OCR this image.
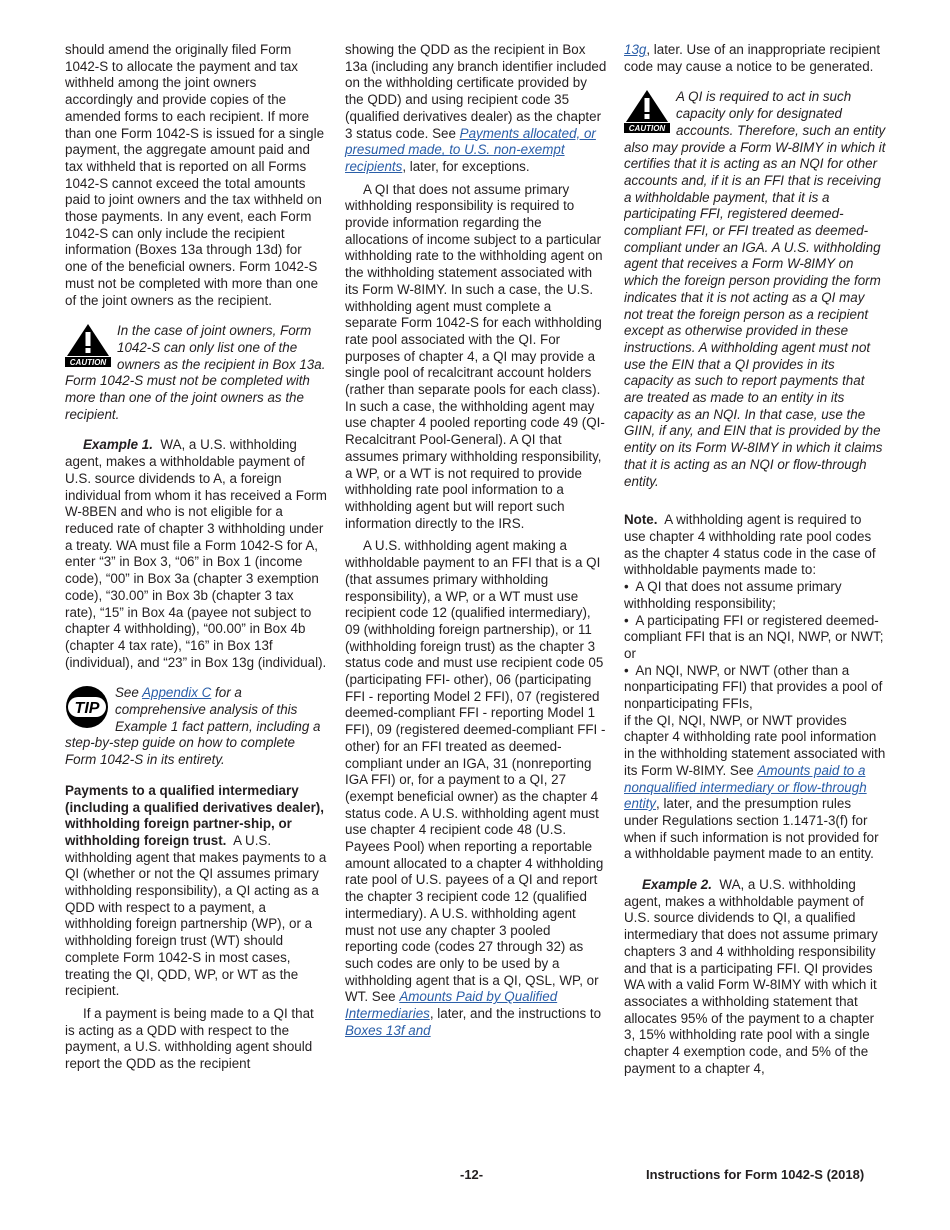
should amend the originally filed Form 1042-S to allocate the payment and tax withheld among the joint owners accordingly and provide copies of the amended forms to each recipient. If more than one Form 1042-S is issued for a single payment, the aggregate amount paid and tax withheld that is reported on all Forms 1042-S cannot exceed the total amounts paid to joint owners and the tax withheld on those payments. In any event, each Form 1042-S can only include the recipient information (Boxes 13a through 13d) for one of the beneficial owners. Form 1042-S must not be completed with more than one of the joint owners as the recipient.

CAUTION
In the case of joint owners, Form 1042-S can only list one of the owners as the recipient in Box 13a. Form 1042-S must not be completed with more than one of the joint owners as the recipient.

Example 1. WA, a U.S. withholding agent, makes a withholdable payment of U.S. source dividends to A, a foreign individual from whom it has received a Form W-8BEN and who is not eligible for a reduced rate of chapter 3 withholding under a treaty. WA must file a Form 1042-S for A, enter “3” in Box 3, “06” in Box 1 (income code), “00” in Box 3a (chapter 3 exemption code), “30.00” in Box 3b (chapter 3 tax rate), “15” in Box 4a (payee not subject to chapter 4 withholding), “00.00” in Box 4b (chapter 4 tax rate), “16” in Box 13f (individual), and “23” in Box 13g (individual).

TIP
See Appendix C for a comprehensive analysis of this Example 1 fact pattern, including a step-by-step guide on how to complete Form 1042-S in its entirety.

Payments to a qualified intermediary (including a qualified derivatives dealer), withholding foreign partner-ship, or withholding foreign trust. A U.S. withholding agent that makes payments to a QI (whether or not the QI assumes primary withholding responsibility), a QI acting as a QDD with respect to a payment, a withholding foreign partnership (WP), or a withholding foreign trust (WT) should complete Form 1042-S in most cases, treating the QI, QDD, WP, or WT as the recipient.

If a payment is being made to a QI that is acting as a QDD with respect to the payment, a U.S. withholding agent should report the QDD as the recipient

showing the QDD as the recipient in Box 13a (including any branch identifier included on the withholding certificate provided by the QDD) and using recipient code 35 (qualified derivatives dealer) as the chapter 3 status code. See Payments allocated, or presumed made, to U.S. non-exempt recipients, later, for exceptions.

A QI that does not assume primary withholding responsibility is required to provide information regarding the allocations of income subject to a particular withholding rate to the withholding agent on the withholding statement associated with its Form W-8IMY. In such a case, the U.S. withholding agent must complete a separate Form 1042-S for each withholding rate pool associated with the QI. For purposes of chapter 4, a QI may provide a single pool of recalcitrant account holders (rather than separate pools for each class). In such a case, the withholding agent may use chapter 4 pooled reporting code 49 (QI-Recalcitrant Pool-General). A QI that assumes primary withholding responsibility, a WP, or a WT is not required to provide withholding rate pool information to a withholding agent but will report such information directly to the IRS.

A U.S. withholding agent making a withholdable payment to an FFI that is a QI (that assumes primary withholding responsibility), a WP, or a WT must use recipient code 12 (qualified intermediary), 09 (withholding foreign partnership), or 11 (withholding foreign trust) as the chapter 3 status code and must use recipient code 05 (participating FFI- other), 06 (participating FFI - reporting Model 2 FFI), 07 (registered deemed-compliant FFI - reporting Model 1 FFI), 09 (registered deemed-compliant FFI - other) for an FFI treated as deemed-compliant under an IGA, 31 (nonreporting IGA FFI) or, for a payment to a QI, 27 (exempt beneficial owner) as the chapter 4 status code. A U.S. withholding agent must use chapter 4 recipient code 48 (U.S. Payees Pool) when reporting a reportable amount allocated to a chapter 4 withholding rate pool of U.S. payees of a QI and report the chapter 3 recipient code 12 (qualified intermediary). A U.S. withholding agent must not use any chapter 3 pooled reporting code (codes 27 through 32) as such codes are only to be used by a withholding agent that is a QI, QSL, WP, or WT. See Amounts Paid by Qualified Intermediaries, later, and the instructions to Boxes 13f and

13g, later. Use of an inappropriate recipient code may cause a notice to be generated.

CAUTION
A QI is required to act in such capacity only for designated accounts. Therefore, such an entity also may provide a Form W-8IMY in which it certifies that it is acting as an NQI for other accounts and, if it is an FFI that is receiving a withholdable payment, that it is a participating FFI, registered deemed-compliant FFI, or FFI treated as deemed-compliant under an IGA. A U.S. withholding agent that receives a Form W-8IMY on which the foreign person providing the form indicates that it is not acting as a QI may not treat the foreign person as a recipient except as otherwise provided in these instructions. A withholding agent must not use the EIN that a QI provides in its capacity as such to report payments that are treated as made to an entity in its capacity as an NQI. In that case, use the GIIN, if any, and EIN that is provided by the entity on its Form W-8IMY in which it claims that it is acting as an NQI or flow-through entity.

Note. A withholding agent is required to use chapter 4 withholding rate pool codes as the chapter 4 status code in the case of withholdable payments made to:

•  A QI that does not assume primary withholding responsibility;

•  A participating FFI or registered deemed-compliant FFI that is an NQI, NWP, or NWT; or

•  An NQI, NWP, or NWT (other than a nonparticipating FFI) that provides a pool of nonparticipating FFIs,

if the QI, NQI, NWP, or NWT provides chapter 4 withholding rate pool information in the withholding statement associated with its Form W-8IMY. See Amounts paid to a nonqualified intermediary or flow-through entity, later, and the presumption rules under Regulations section 1.1471-3(f) for when if such information is not provided for a withholdable payment made to an entity.

Example 2. WA, a U.S. withholding agent, makes a withholdable payment of U.S. source dividends to QI, a qualified intermediary that does not assume primary chapters 3 and 4 withholding responsibility and that is a participating FFI. QI provides WA with a valid Form W-8IMY with which it associates a withholding statement that allocates 95% of the payment to a chapter 3, 15% withholding rate pool with a single chapter 4 exemption code, and 5% of the payment to a chapter 4,

-12-	Instructions for Form 1042-S (2018)
